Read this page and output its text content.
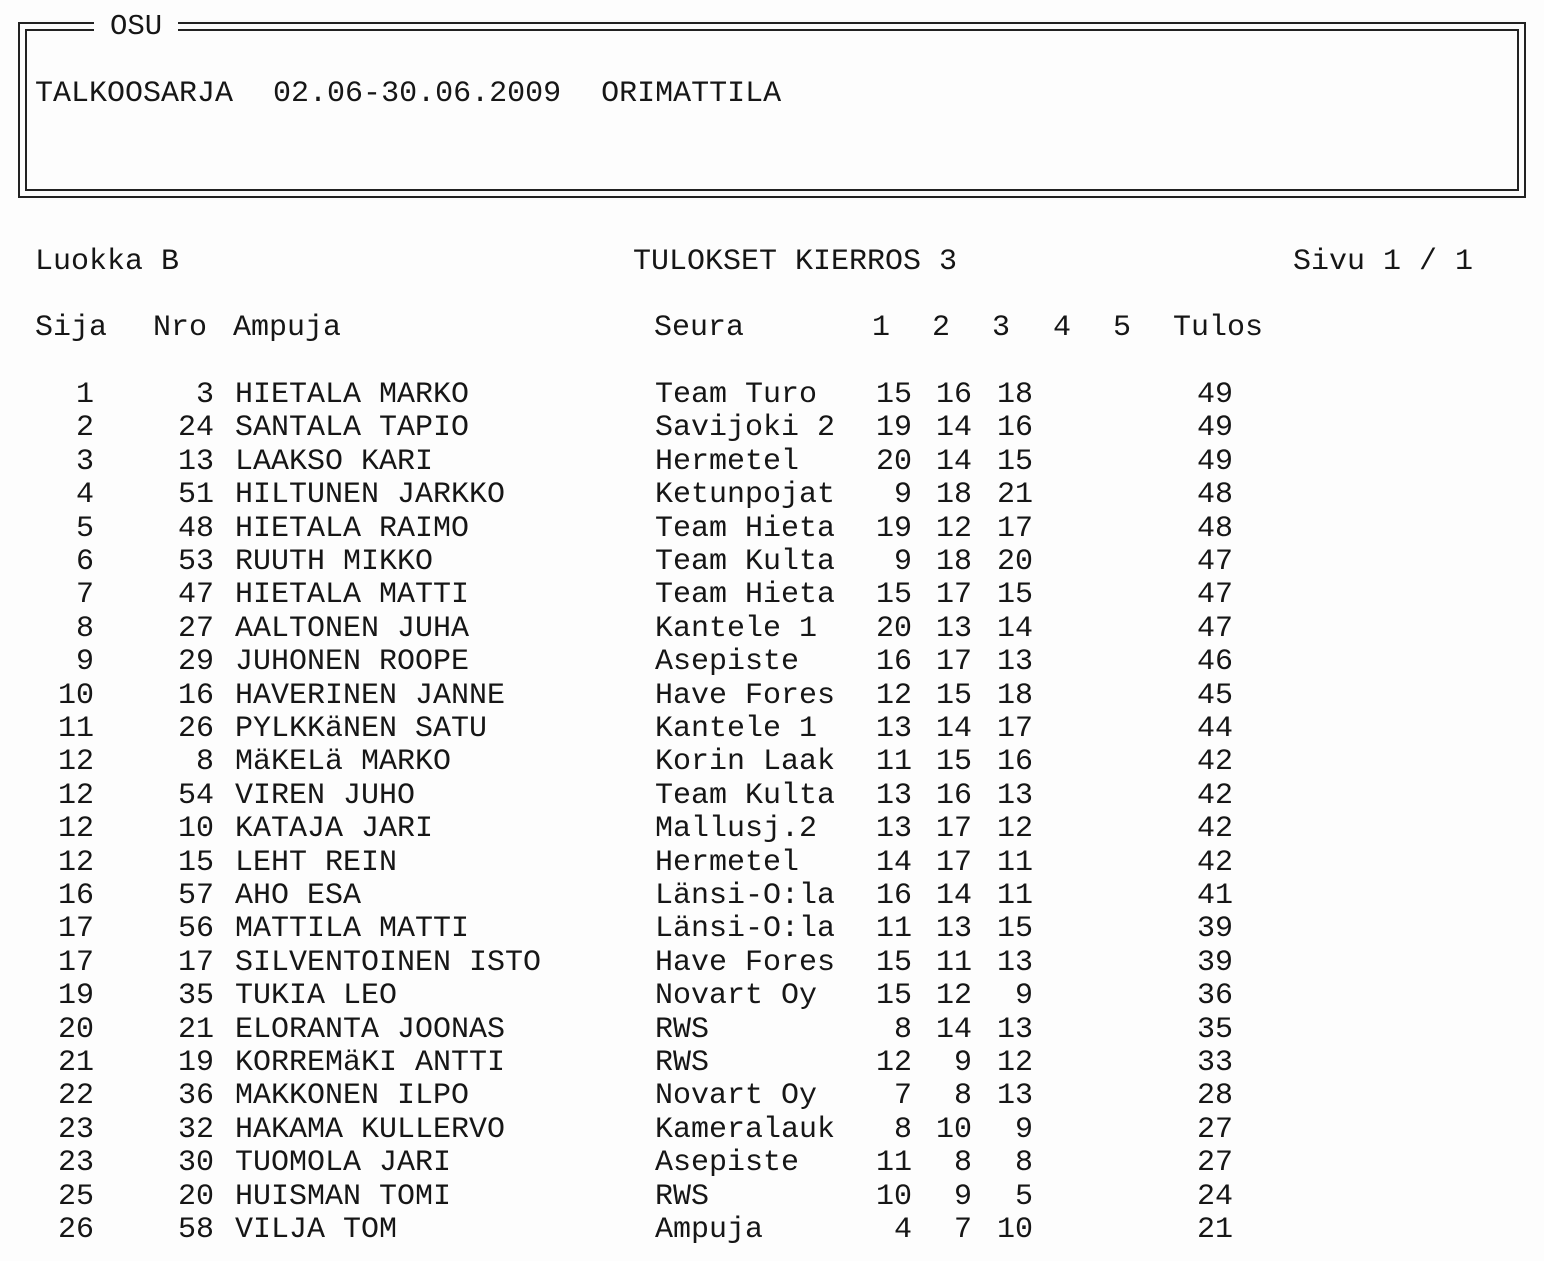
OSU
TALKOOSARJA 02.06-30.06.2009 ORIMATTILA
Luokka B	TULOKSET KIERROS 3	Sivu 1 / 1
Sija Nro Ampuja	Seura	1 2 3 4 5 Tulos
1	3 HIETALA MARKO	Team Turo 15 16 18	49
2	24 SANTALA TAPIO	Savijoki 2 19 14 16	49
3	13 LAAKSO KARI	Hermetel	20 14 15	49
4	51 HILTUNEN JARKKO	Ketunpojat 9 18 21	48
5	48 HIETALA RAIMO	Team Hieta 19 12 17	48
6	53 RUUTH MIKKO	Team Kulta 9 18 20	47
7	47 HIETALA MATTI	Team Hieta 15 17 15	47
8	27 AALTONEN JUHA	Kantele 1 20 13 14	47
9	29 JUHONEN ROOPE	Asepiste	16 17 13	46
10	16 HAVERINEN JANNE	Have Fores 12 15 18	45
11	26 PYLKKäNEN SATU	Kantele 1 13 14 17	44
12	8 MäKELä MARKO	Korin Laak 11 15 16	42
12	54 VIREN JUHO	Team Kulta 13 16 13	42
12	10 KATAJA JARI	Mallusj.2 13 17 12	42
12	15 LEHT REIN	Hermetel	14 17 11	42
16	57 AHO ESA	Länsi-O:la 16 14 11	41
17	56 MATTILA MATTI	Länsi-O:la 11 13 15	39
17	17 SILVENTOINEN ISTO	Have Fores 15 11 13	39
19	35 TUKIA LEO	Novart Oy 15 12 9	36
20	21 ELORANTA JOONAS	RWS	8 14 13	35
21	19 KORREMäKI ANTTI	RWS	12 9 12	33
22	36 MAKKONEN ILPO	Novart Oy	7 8 13	28
23	32 HAKAMA KULLERVO	Kameralauk 8 10 9	27
23	30 TUOMOLA JARI	Asepiste	11 8 8	27
25	20 HUISMAN TOMI	RWS	10 9 5	24
26	58 VILJA TOM	Ampuja	4 7 10	21
